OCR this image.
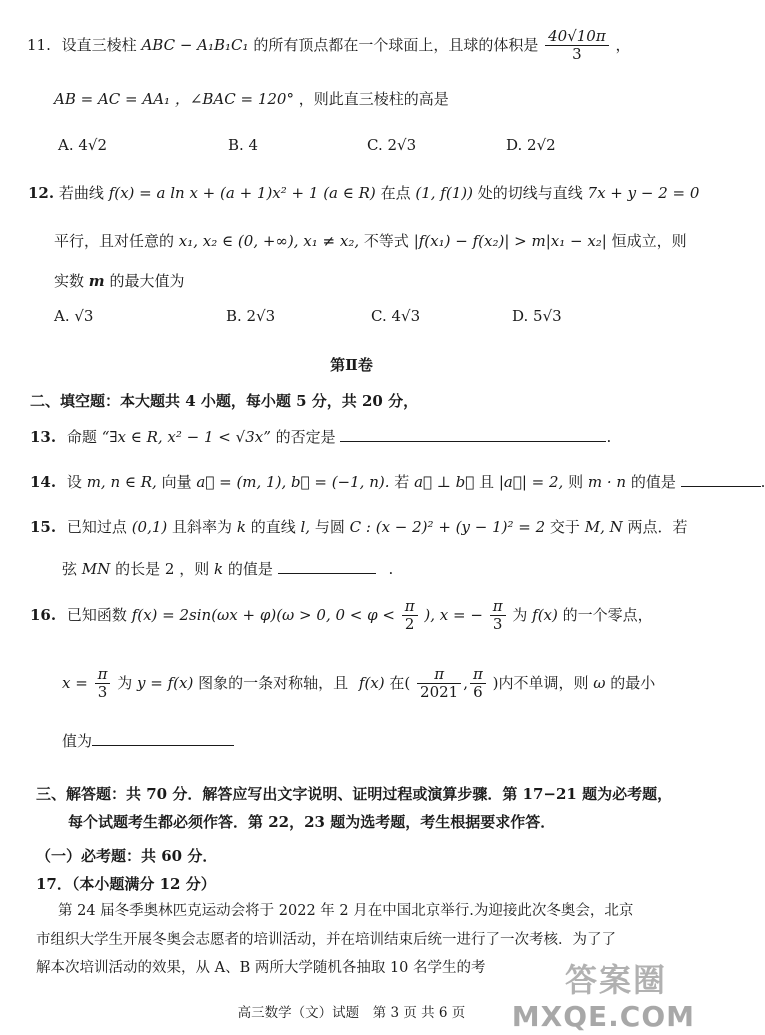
11. 设直三棱柱 ABC − A₁B₁C₁ 的所有顶点都在一个球面上，且球的体积是 $\frac{40√10\pi}{3}$ ，
AB = AC = AA₁ ，∠BAC = 120° ，则此直三棱柱的高是
A. 4√2	B. 4	C. 2√3	D. 2√2
12. 若曲线 f(x) = a ln x + (a + 1)x² + 1 (a ∈ R) 在点 (1, f(1)) 处的切线与直线 7x + y − 2 = 0
平行，且对任意的 x₁, x₂ ∈ (0, +∞), x₁ ≠ x₂, 不等式 |f(x₁) − f(x₂)| > m|x₁ − x₂| 恒成立，则
实数 m 的最大值为
A. √3	B. 2√3	C. 4√3	D. 5√3
第Ⅱ卷
二、填空题：本大题共 4 小题，每小题 5 分，共 20 分，
13. 命题 “∃x ∈ R, x² − 1 < √3x” 的否定是	.
14. 设 m, n ∈ R, 向量 a⃗ = (m, 1), b⃗ = (−1, n). 若 a⃗ ⊥ b⃗ 且 |a⃗| = 2, 则 m · n 的值是	.
15. 已知过点 (0,1) 且斜率为 k 的直线 l, 与圆 C : (x − 2)² + (y − 1)² = 2 交于 M, N 两点．若
弦 MN 的长是 2 ，则 k 的值是	.
16. 已知函数 f(x) = 2sin(ωx + φ)(ω > 0, $0 < \varphi < \frac{\pi}{2}$ ), x = − $\frac{\pi}{3}$ 为 f(x) 的一个零点，
$x = \frac{\pi}{3}$ 为 y = f(x) 图象的一条对称轴，且 f(x) 在( $\frac{\pi}{2021}$ , $\frac{\pi}{6}$ )内不单调，则 ω 的最小
值为
三、解答题：共 70 分．解答应写出文字说明、证明过程或演算步骤．第 17−21 题为必考题，
每个试题考生都必须作答．第 22，23 题为选考题，考生根据要求作答．
（一）必考题：共 60 分．
17．（本小题满分 12 分）
第 24 届冬季奥林匹克运动会将于 2022 年 2 月在中国北京举行.为迎接此次冬奥会，北京
市组织大学生开展冬奥会志愿者的培训活动，并在培训结束后统一进行了一次考核．为了了
解本次培训活动的效果，从 A、B 两所大学随机各抽取 10 名学生的考
高三数学（文）试题　第 3 页 共 6 页
答案圈
MXQE.COM
